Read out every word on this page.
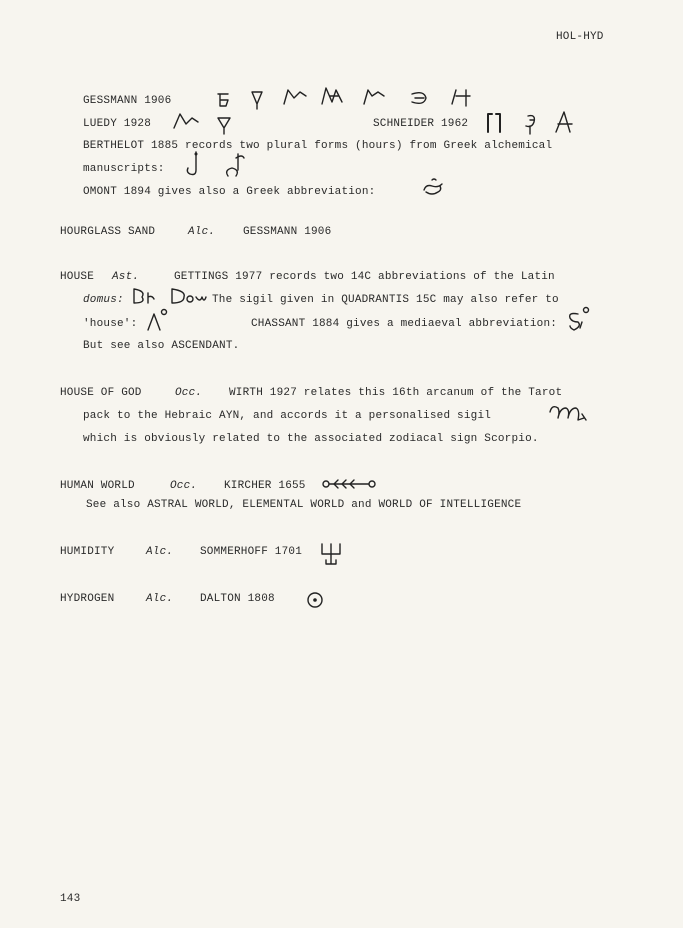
HOL-HYD
GESSMANN 1906
LUEDY 1928	SCHNEIDER 1962
BERTHELOT 1885 records two plural forms (hours) from Greek alchemical
manuscripts:
OMONT 1894 gives also a Greek abbreviation:
HOURGLASS SAND	Alc.	GESSMANN 1906
HOUSE Ast.	GETTINGS 1977 records two 14C abbreviations of the Latin
domus:	The sigil given in QUADRANTIS 15C may also refer to
'house':	CHASSANT 1884 gives a mediaeval abbreviation:
But see also ASCENDANT.
HOUSE OF GOD	Occ. WIRTH 1927 relates this 16th arcanum of the Tarot
pack to the Hebraic AYN, and accords it a personalised sigil
which is obviously related to the associated zodiacal sign Scorpio.
HUMAN WORLD	Occ. KIRCHER 1655
See also ASTRAL WORLD, ELEMENTAL WORLD and WORLD OF INTELLIGENCE
HUMIDITY	Alc. SOMMERHOFF 1701
HYDROGEN	Alc. DALTON 1808
143
